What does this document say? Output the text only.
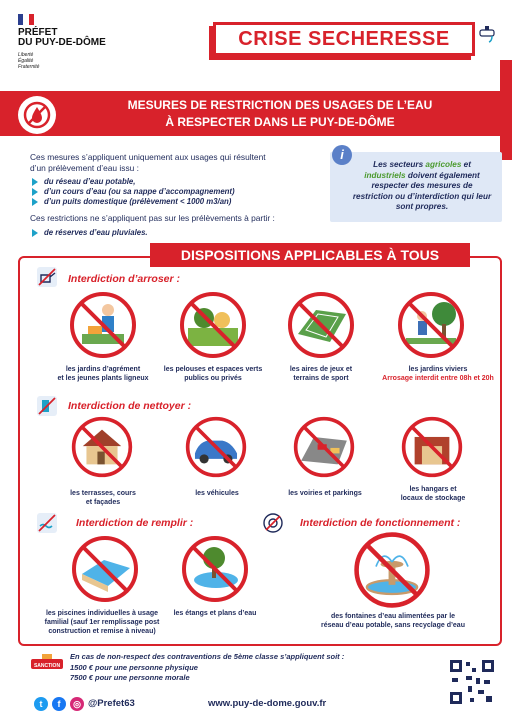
PRÉFET
DU PUY-DE-DÔME
Liberté
Égalité
Fraternité
CRISE SECHERESSE
MESURES DE RESTRICTION DES USAGES DE L’EAU
À RESPECTER DANS LE PUY-DE-DÔME
Ces mesures s’appliquent uniquement aux usages qui résultent
d’un prélèvement d’eau issu :
du réseau d’eau potable,
d’un cours d’eau (ou sa nappe d’accompagnement)
d’un puits domestique (prélèvement < 1000 m3/an)
Ces restrictions ne s’appliquent pas sur les prélèvements à partir :
de réserves d’eau pluviales.
i
Les secteurs agricoles et industriels doivent également respecter des mesures de restriction ou d’interdiction qui leur sont propres.
DISPOSITIONS APPLICABLES À TOUS
Interdiction d’arroser :
les jardins d’agrément
et les jeunes plants ligneux
les pelouses et espaces verts
publics ou privés
les aires de jeux et
terrains de sport
les jardins viviers
Arrosage interdit entre 08h et 20h
Interdiction de nettoyer :
les terrasses, cours
et façades
les véhicules	les voiries et parkings
les hangars et
locaux de stockage
Interdiction de remplir :
les piscines individuelles à usage
familial (sauf 1er remplissage post
construction et remise à niveau)
les étangs et plans d’eau
Interdiction de fonctionnement :
des fontaines d’eau alimentées par le
réseau d’eau potable, sans recyclage d’eau
SANCTION
En cas de non-respect des contraventions de 5ème classe s’appliquent soit :
1500 € pour une personne physique
7500 € pour une personne morale
t	f	◎ @Prefet63	www.puy-de-dome.gouv.fr
